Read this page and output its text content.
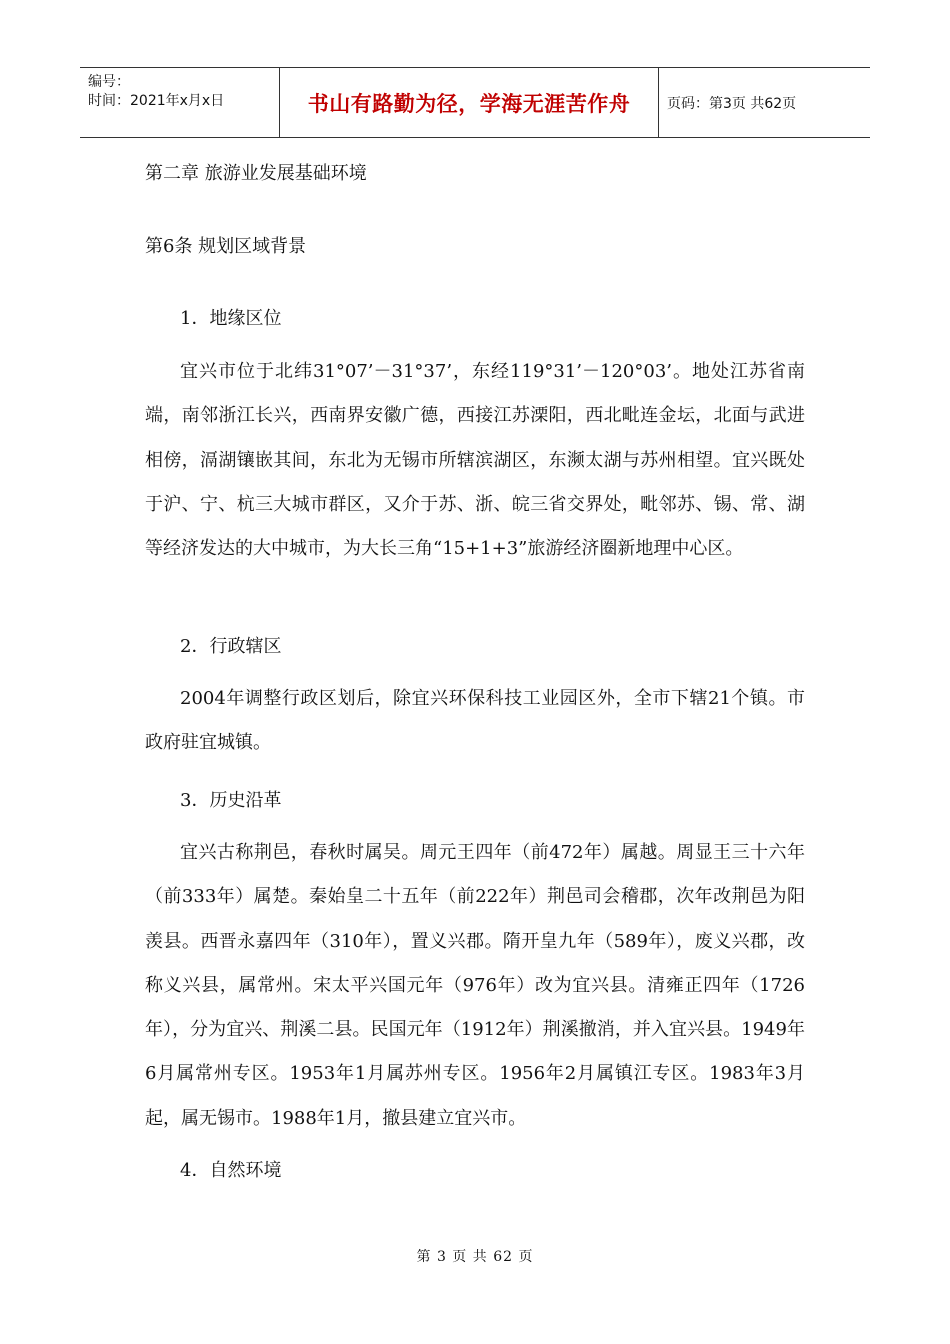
编号：
时间：2021年x月x日	书山有路勤为径，学海无涯苦作舟	页码：第3页 共62页
第二章 旅游业发展基础环境
第6条 规划区域背景
1．地缘区位
宜兴市位于北纬31°07’－31°37’，东经119°31’－120°03’。地处江苏省南端，南邻浙江长兴，西南界安徽广德，西接江苏溧阳，西北毗连金坛，北面与武进相傍，滆湖镶嵌其间，东北为无锡市所辖滨湖区，东濒太湖与苏州相望。宜兴既处于沪、宁、杭三大城市群区，又介于苏、浙、皖三省交界处，毗邻苏、锡、常、湖等经济发达的大中城市，为大长三角“15+1+3”旅游经济圈新地理中心区。
2．行政辖区
2004年调整行政区划后，除宜兴环保科技工业园区外，全市下辖21个镇。市政府驻宜城镇。
3．历史沿革
宜兴古称荆邑，春秋时属吴。周元王四年（前472年）属越。周显王三十六年（前333年）属楚。秦始皇二十五年（前222年）荆邑司会稽郡，次年改荆邑为阳羡县。西晋永嘉四年（310年），置义兴郡。隋开皇九年（589年），废义兴郡，改称义兴县，属常州。宋太平兴国元年（976年）改为宜兴县。清雍正四年（1726年），分为宜兴、荆溪二县。民国元年（1912年）荆溪撤消，并入宜兴县。1949年6月属常州专区。1953年1月属苏州专区。1956年2月属镇江专区。1983年3月起，属无锡市。1988年1月，撤县建立宜兴市。
4．自然环境
第 3 页 共 62 页
